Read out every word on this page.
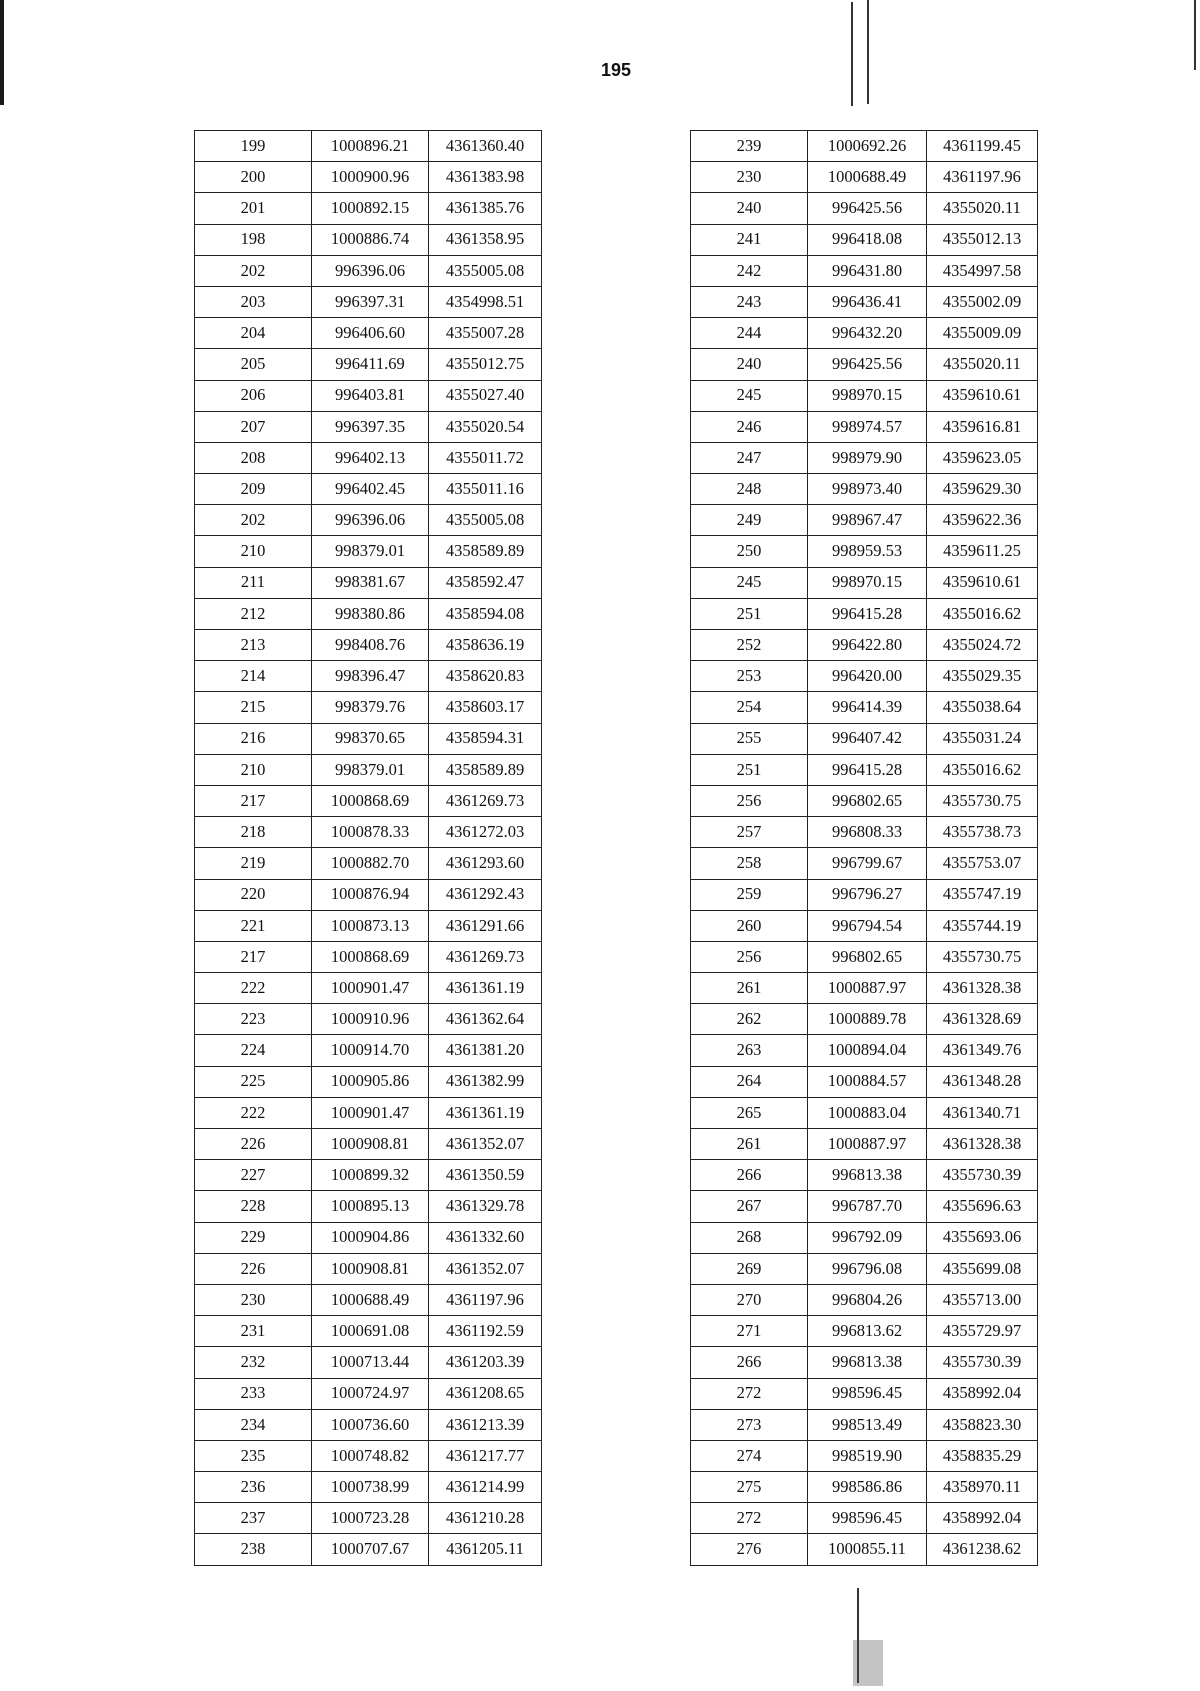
195
199	1000896.21	4361360.40
200	1000900.96	4361383.98
201	1000892.15	4361385.76
198	1000886.74	4361358.95
202	996396.06	4355005.08
203	996397.31	4354998.51
204	996406.60	4355007.28
205	996411.69	4355012.75
206	996403.81	4355027.40
207	996397.35	4355020.54
208	996402.13	4355011.72
209	996402.45	4355011.16
202	996396.06	4355005.08
210	998379.01	4358589.89
211	998381.67	4358592.47
212	998380.86	4358594.08
213	998408.76	4358636.19
214	998396.47	4358620.83
215	998379.76	4358603.17
216	998370.65	4358594.31
210	998379.01	4358589.89
217	1000868.69	4361269.73
218	1000878.33	4361272.03
219	1000882.70	4361293.60
220	1000876.94	4361292.43
221	1000873.13	4361291.66
217	1000868.69	4361269.73
222	1000901.47	4361361.19
223	1000910.96	4361362.64
224	1000914.70	4361381.20
225	1000905.86	4361382.99
222	1000901.47	4361361.19
226	1000908.81	4361352.07
227	1000899.32	4361350.59
228	1000895.13	4361329.78
229	1000904.86	4361332.60
226	1000908.81	4361352.07
230	1000688.49	4361197.96
231	1000691.08	4361192.59
232	1000713.44	4361203.39
233	1000724.97	4361208.65
234	1000736.60	4361213.39
235	1000748.82	4361217.77
236	1000738.99	4361214.99
237	1000723.28	4361210.28
238	1000707.67	4361205.11
239	1000692.26	4361199.45
230	1000688.49	4361197.96
240	996425.56	4355020.11
241	996418.08	4355012.13
242	996431.80	4354997.58
243	996436.41	4355002.09
244	996432.20	4355009.09
240	996425.56	4355020.11
245	998970.15	4359610.61
246	998974.57	4359616.81
247	998979.90	4359623.05
248	998973.40	4359629.30
249	998967.47	4359622.36
250	998959.53	4359611.25
245	998970.15	4359610.61
251	996415.28	4355016.62
252	996422.80	4355024.72
253	996420.00	4355029.35
254	996414.39	4355038.64
255	996407.42	4355031.24
251	996415.28	4355016.62
256	996802.65	4355730.75
257	996808.33	4355738.73
258	996799.67	4355753.07
259	996796.27	4355747.19
260	996794.54	4355744.19
256	996802.65	4355730.75
261	1000887.97	4361328.38
262	1000889.78	4361328.69
263	1000894.04	4361349.76
264	1000884.57	4361348.28
265	1000883.04	4361340.71
261	1000887.97	4361328.38
266	996813.38	4355730.39
267	996787.70	4355696.63
268	996792.09	4355693.06
269	996796.08	4355699.08
270	996804.26	4355713.00
271	996813.62	4355729.97
266	996813.38	4355730.39
272	998596.45	4358992.04
273	998513.49	4358823.30
274	998519.90	4358835.29
275	998586.86	4358970.11
272	998596.45	4358992.04
276	1000855.11	4361238.62
